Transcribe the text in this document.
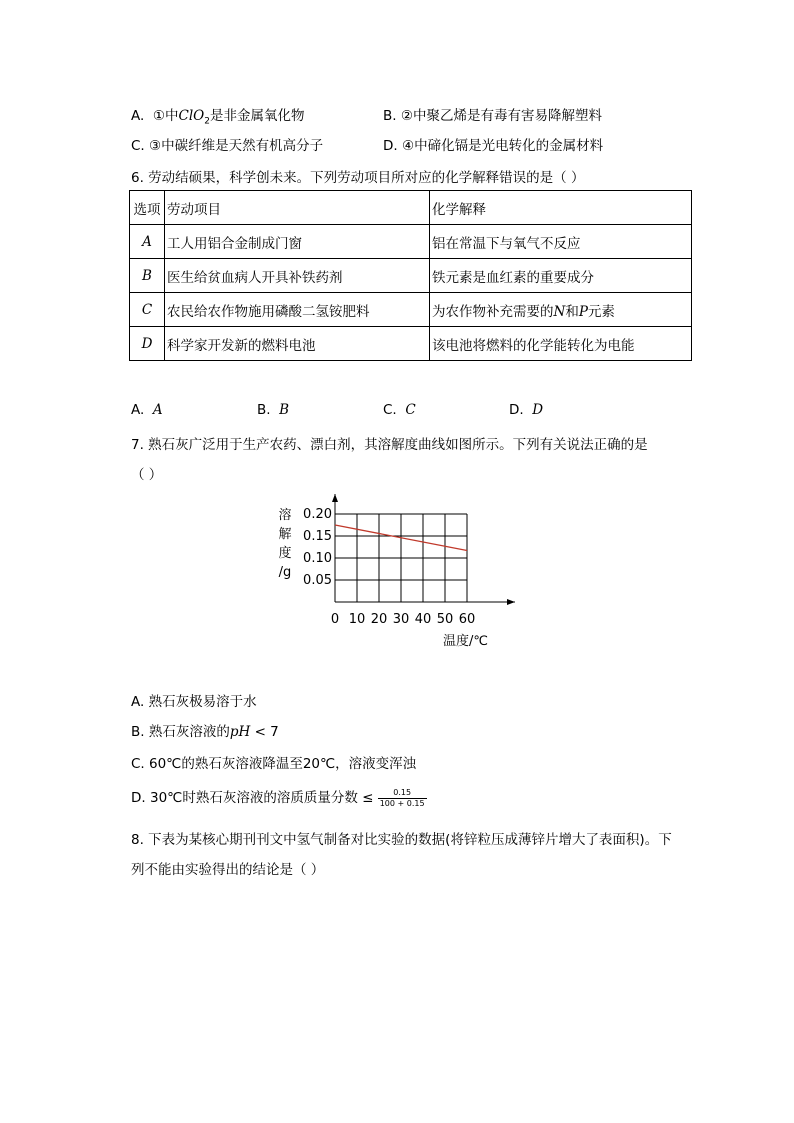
A. ①中ClO$_2$是非金属氧化物	B. ②中聚乙烯是有毒有害易降解塑料
C. ③中碳纤维是天然有机高分子	D. ④中碲化镉是光电转化的金属材料
6. 劳动结硕果，科学创未来。下列劳动项目所对应的化学解释错误的是（ ）
选项	劳动项目	化学解释
A	工人用铝合金制成门窗	铝在常温下与氧气不反应
B	医生给贫血病人开具补铁药剂	铁元素是血红素的重要成分
C	农民给农作物施用磷酸二氢铵肥料	为农作物补充需要的N和P元素
D	科学家开发新的燃料电池	该电池将燃料的化学能转化为电能
A. A	B. B	C. C	D. D
7. 熟石灰广泛用于生产农药、漂白剂，其溶解度曲线如图所示。下列有关说法正确的是
（ ）
0.05
0.10
0.15
0.20
0 10 20 30 40 50 60
溶
解
度
/g
温度/℃
A. 熟石灰极易溶于水
B. 熟石灰溶液的pH < 7
C. 60℃的熟石灰溶液降温至20℃，溶液变浑浊
D. 30℃时熟石灰溶液的溶质质量分数 ≤ $\frac{0.15}{100 + 0.15}$
8. 下表为某核心期刊刊文中氢气制备对比实验的数据(将锌粒压成薄锌片增大了表面积)。下
列不能由实验得出的结论是（ ）
